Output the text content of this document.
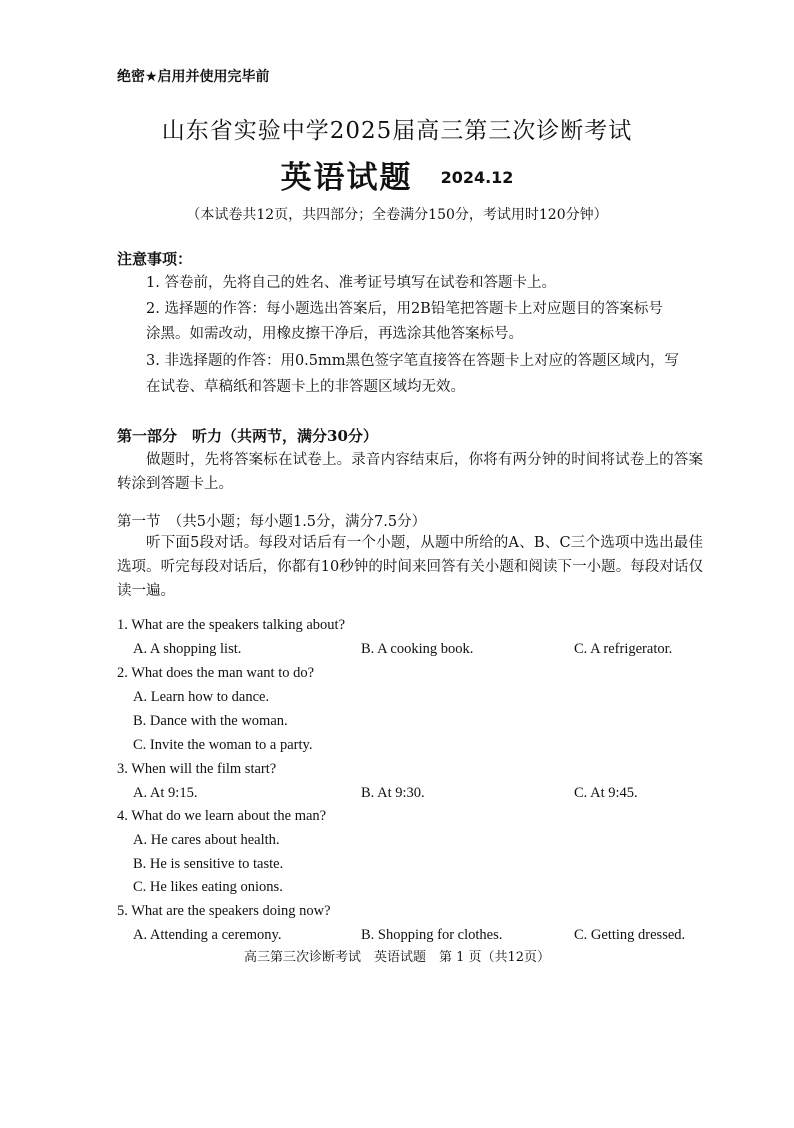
绝密★启用并使用完毕前
山东省实验中学2025届高三第三次诊断考试
英语试题 2024.12
（本试卷共12页，共四部分；全卷满分150分，考试用时120分钟）
注意事项：
1. 答卷前，先将自己的姓名、准考证号填写在试卷和答题卡上。
2. 选择题的作答：每小题选出答案后，用2B铅笔把答题卡上对应题目的答案标号
涂黑。如需改动，用橡皮擦干净后，再选涂其他答案标号。
3. 非选择题的作答：用0.5mm黑色签字笔直接答在答题卡上对应的答题区域内，写
在试卷、草稿纸和答题卡上的非答题区域均无效。
第一部分　听力（共两节，满分30分）
做题时，先将答案标在试卷上。录音内容结束后，你将有两分钟的时间将试卷上的答案转涂到答题卡上。
第一节　（共5小题；每小题1.5分，满分7.5分）
听下面5段对话。每段对话后有一个小题，从题中所给的A、B、C三个选项中选出最佳选项。听完每段对话后，你都有10秒钟的时间来回答有关小题和阅读下一小题。每段对话仅读一遍。
1. What are the speakers talking about?
A. A shopping list.	B. A cooking book.	C. A refrigerator.
2. What does the man want to do?
A. Learn how to dance.
B. Dance with the woman.
C. Invite the woman to a party.
3. When will the film start?
A. At 9:15.	B. At 9:30.	C. At 9:45.
4. What do we learn about the man?
A. He cares about health.
B. He is sensitive to taste.
C. He likes eating onions.
5. What are the speakers doing now?
A. Attending a ceremony.	B. Shopping for clothes.	C. Getting dressed.
高三第三次诊断考试　英语试题　第 1 页（共12页）
